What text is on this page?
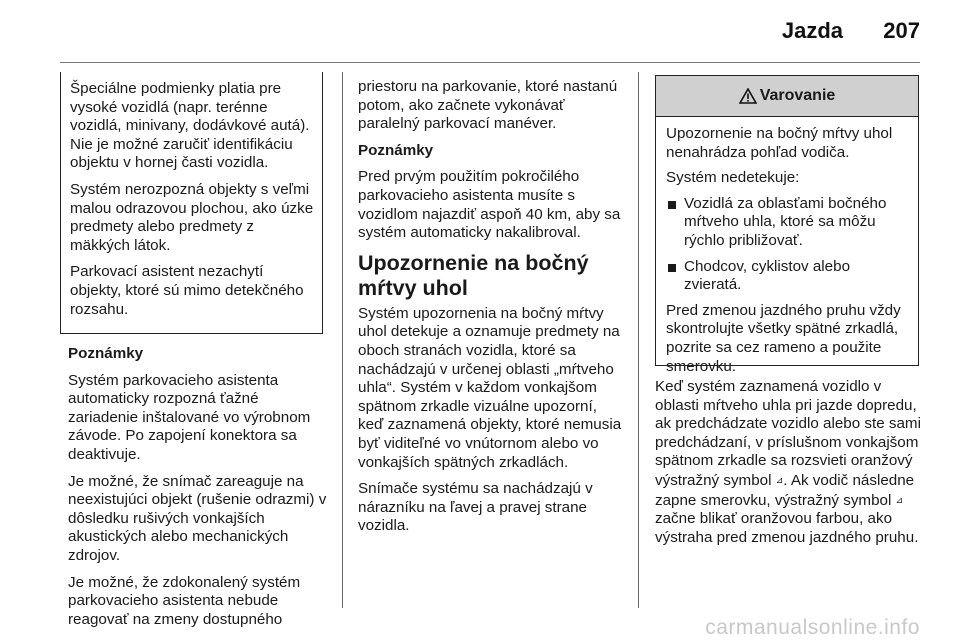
Jazda 207

Špeciálne podmienky platia pre vysoké vozidlá (napr. terénne vozidlá, minivany, dodávkové autá). Nie je možné zaručiť identifikáciu objektu v hornej časti vozidla.

Systém nerozpozná objekty s veľmi malou odrazovou plochou, ako úzke predmety alebo predmety z mäkkých látok.

Parkovací asistent nezachytí objekty, ktoré sú mimo detekčného rozsahu.

Poznámky

Systém parkovacieho asistenta automaticky rozpozná ťažné zariadenie inštalované vo výrobnom závode. Po zapojení konektora sa deaktivuje.

Je možné, že snímač zareaguje na neexistujúci objekt (rušenie odrazmi) v dôsledku rušivých vonkajších akustických alebo mechanických zdrojov.

Je možné, že zdokonalený systém parkovacieho asistenta nebude reagovať na zmeny dostupného

priestoru na parkovanie, ktoré nastanú potom, ako začnete vykonávať paralelný parkovací manéver.

Poznámky

Pred prvým použitím pokročilého parkovacieho asistenta musíte s vozidlom najazdiť aspoň 40 km, aby sa systém automaticky nakalibroval.

Upozornenie na bočný mŕtvy uhol

Systém upozornenia na bočný mŕtvy uhol detekuje a oznamuje predmety na oboch stranách vozidla, ktoré sa nachádzajú v určenej oblasti „mŕtveho uhla“. Systém v každom vonkajšom spätnom zrkadle vizuálne upozorní, keď zaznamená objekty, ktoré nemusia byť viditeľné vo vnútornom alebo vo vonkajších spätných zrkadlách.

Snímače systému sa nachádzajú v nárazníku na ľavej a pravej strane vozidla.

Varovanie

Upozornenie na bočný mŕtvy uhol nenahrádza pohľad vodiča.

Systém nedetekuje:

Vozidlá za oblasťami bočného mŕtveho uhla, ktoré sa môžu rýchlo približovať.
Chodcov, cyklistov alebo zvieratá.

Pred zmenou jazdného pruhu vždy skontrolujte všetky spätné zrkadlá, pozrite sa cez rameno a použite smerovku.

Keď systém zaznamená vozidlo v oblasti mŕtveho uhla pri jazde dopredu, ak predchádzate vozidlo alebo ste sami predchádzaní, v príslušnom vonkajšom spätnom zrkadle sa rozsvieti oranžový výstražný symbol ⊿. Ak vodič následne zapne smerovku, výstražný symbol ⊿ začne blikať oranžovou farbou, ako výstraha pred zmenou jazdného pruhu.

carmanualsonline.info
